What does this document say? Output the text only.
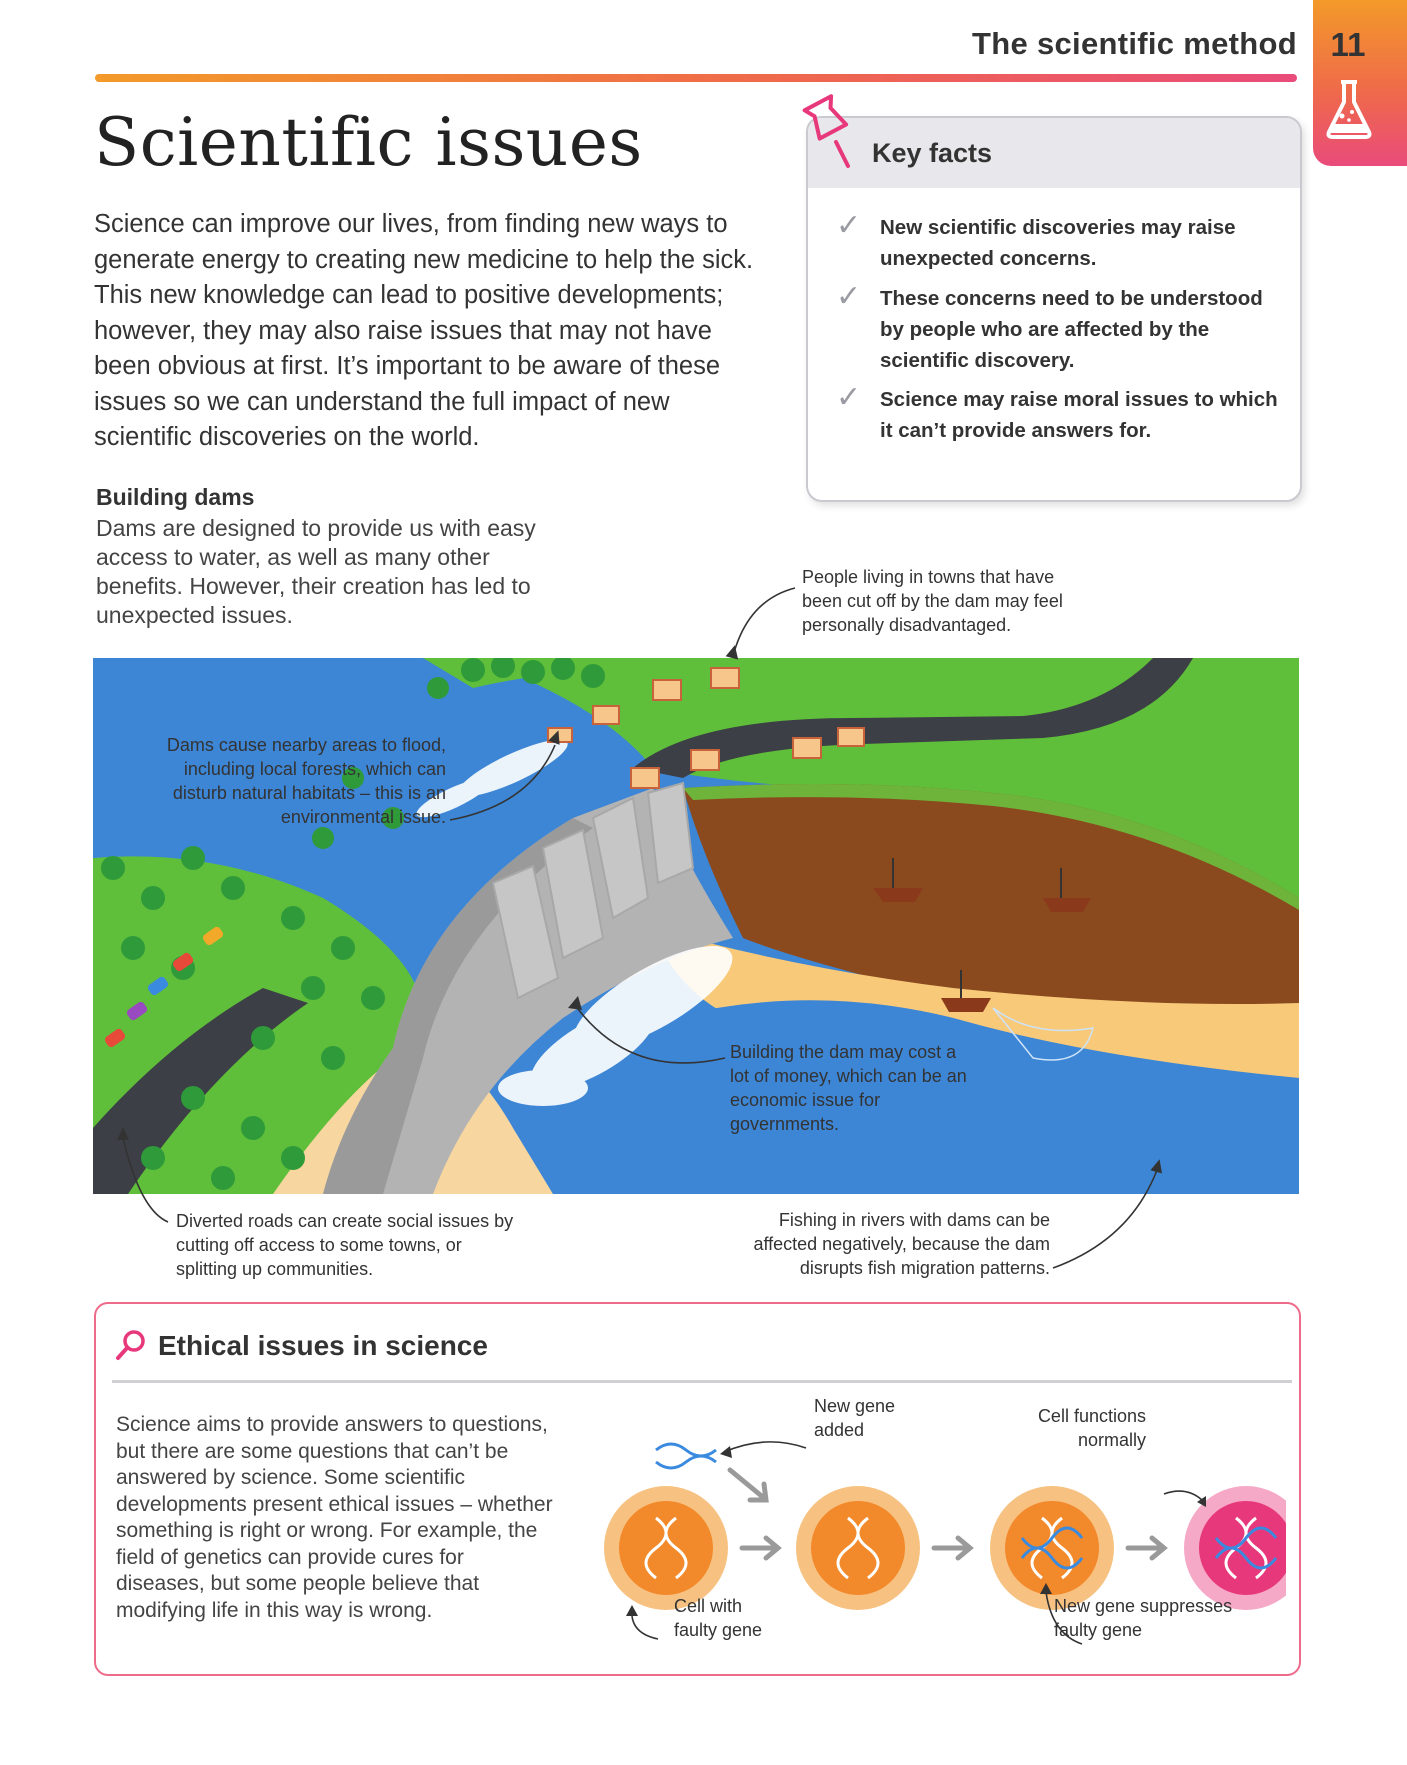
The scientific method	11
Scientific issues
Science can improve our lives, from finding new ways to generate energy to creating new medicine to help the sick. This new knowledge can lead to positive developments; however, they may also raise issues that may not have been obvious at first. It’s important to be aware of these issues so we can understand the full impact of new scientific discoveries on the world.
Key facts
✓ New scientific discoveries may raise unexpected concerns.
✓ These concerns need to be understood by people who are affected by the scientific discovery.
✓ Science may raise moral issues to which it can’t provide answers for.
Building dams
Dams are designed to provide us with easy access to water, as well as many other benefits. However, their creation has led to unexpected issues.
People living in towns that have been cut off by the dam may feel personally disadvantaged.
Dams cause nearby areas to flood, including local forests, which can disturb natural habitats – this is an environmental issue.
Building the dam may cost a lot of money, which can be an economic issue for governments.
Diverted roads can create social issues by cutting off access to some towns, or splitting up communities.
Fishing in rivers with dams can be affected negatively, because the dam disrupts fish migration patterns.
Ethical issues in science
Science aims to provide answers to questions, but there are some questions that can’t be answered by science. Some scientific developments present ethical issues – whether something is right or wrong. For example, the field of genetics can provide cures for diseases, but some people believe that modifying life in this way is wrong.
New gene added
Cell with faulty gene
Cell functions normally
New gene suppresses faulty gene
